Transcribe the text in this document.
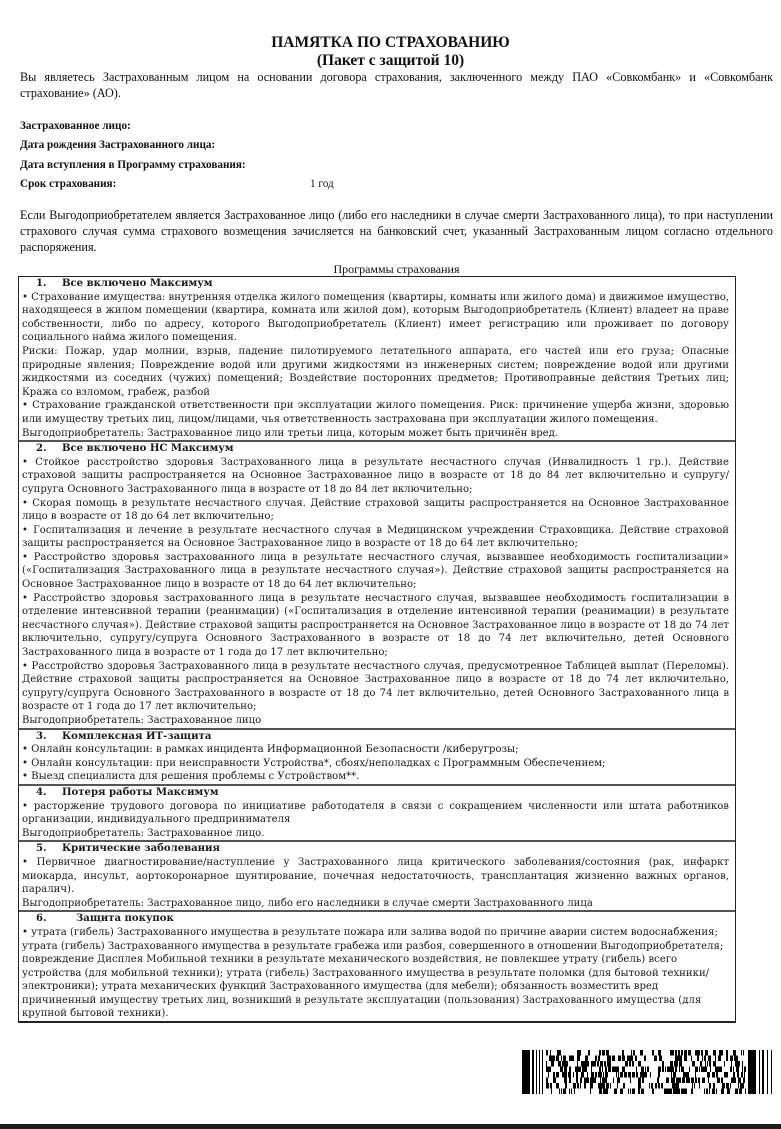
ПАМЯТКА ПО СТРАХОВАНИЮ
(Пакет с защитой 10)
Вы являетесь Застрахованным лицом на основании договора страхования, заключенного между ПАО «Совкомбанк» и «Совкомбанк страхование» (АО).
Застрахованное лицо:
Дата рождения Застрахованного лица:
Дата вступления в Программу страхования:
Срок страхования:	1 год
Если Выгодоприобретателем является Застрахованное лицо (либо его наследники в случае смерти Застрахованного лица), то при наступлении страхового случая сумма страхового возмещения зачисляется на банковский счет, указанный Застрахованным лицом согласно отдельного распоряжения.
Программы страхования
1. Все включено Максимум
• Страхование имущества: внутренняя отделка жилого помещения (квартиры, комнаты или жилого дома) и движимое имущество, находящееся в жилом помещении (квартира, комната или жилой дом), которым Выгодоприобретатель (Клиент) владеет на праве собственности, либо по адресу, которого Выгодоприобретатель (Клиент) имеет регистрацию или проживает по договору социального найма жилого помещения.
Риски: Пожар, удар молнии, взрыв, падение пилотируемого летательного аппарата, его частей или его груза; Опасные природные явления; Повреждение водой или другими жидкостями из инженерных систем; повреждение водой или другими жидкостями из соседних (чужих) помещений; Воздействие посторонних предметов; Противоправные действия Третьих лиц; Кража со взломом, грабеж, разбой
• Страхование гражданской ответственности при эксплуатации жилого помещения. Риск: причинение ущерба жизни, здоровью или имуществу третьих лиц, лицом/лицами, чья ответственность застрахована при эксплуатации жилого помещения.
Выгодоприобретатель: Застрахованное лицо или третьи лица, которым может быть причинён вред.
2. Все включено НС Максимум
• Стойкое расстройство здоровья Застрахованного лица в результате несчастного случая (Инвалидность 1 гр.). Действие страховой защиты распространяется на Основное Застрахованное лицо в возрасте от 18 до 84 лет включительно и супругу/супруга Основного Застрахованного лица в возрасте от 18 до 84 лет включительно;
• Скорая помощь в результате несчастного случая. Действие страховой защиты распространяется на Основное Застрахованное лицо в возрасте от 18 до 64 лет включительно;
• Госпитализация и лечение в результате несчастного случая в Медицинском учреждении Страховщика. Действие страховой защиты распространяется на Основное Застрахованное лицо в возрасте от 18 до 64 лет включительно;
• Расстройство здоровья застрахованного лица в результате несчастного случая, вызвавшее необходимость госпитализации» («Госпитализация Застрахованного лица в результате несчастного случая»). Действие страховой защиты распространяется на Основное Застрахованное лицо в возрасте от 18 до 64 лет включительно;
• Расстройство здоровья застрахованного лица в результате несчастного случая, вызвавшее необходимость госпитализации в отделение интенсивной терапии (реанимации) («Госпитализация в отделение интенсивной терапии (реанимации) в результате несчастного случая»). Действие страховой защиты распространяется на Основное Застрахованное лицо в возрасте от 18 до 74 лет включительно, супругу/супруга Основного Застрахованного в возрасте от 18 до 74 лет включительно, детей Основного Застрахованного лица в возрасте от 1 года до 17 лет включительно;
• Расстройство здоровья Застрахованного лица в результате несчастного случая, предусмотренное Таблицей выплат (Переломы). Действие страховой защиты распространяется на Основное Застрахованное лицо в возрасте от 18 до 74 лет включительно, супругу/супруга Основного Застрахованного в возрасте от 18 до 74 лет включительно, детей Основного Застрахованного лица в возрасте от 1 года до 17 лет включительно;
Выгодоприобретатель: Застрахованное лицо
3. Комплексная ИТ-защита
• Онлайн консультации: в рамках инцидента Информационной Безопасности /киберугрозы;
• Онлайн консультации: при неисправности Устройства*, сбоях/неполадках с Программным Обеспечением;
• Выезд специалиста для решения проблемы с Устройством**.
4. Потеря работы Максимум
• расторжение трудового договора по инициативе работодателя в связи с сокращением численности или штата работников организации, индивидуального предпринимателя
Выгодоприобретатель: Застрахованное лицо.
5. Критические заболевания
• Первичное диагностирование/наступление у Застрахованного лица критического заболевания/состояния (рак, инфаркт миокарда, инсульт, аортокоронарное шунтирование, почечная недостаточность, трансплантация жизненно важных органов, паралич).
Выгодоприобретатель: Застрахованное лицо, либо его наследники в случае смерти Застрахованного лица
6.	Защита покупок
• утрата (гибель) Застрахованного имущества в результате пожара или залива водой по причине аварии систем водоснабжения; утрата (гибель) Застрахованного имущества в результате грабежа или разбоя, совершенного в отношении Выгодоприобретателя; повреждение Дисплея Мобильной техники в результате механического воздействия, не повлекшее утрату (гибель) всего устройства (для мобильной техники); утрата (гибель) Застрахованного имущества в результате поломки (для бытовой техники/электроники); утрата механических функций Застрахованного имущества (для мебели); обязанность возместить вред причиненный имуществу третьих лиц, возникший в результате эксплуатации (пользования) Застрахованного имущества (для крупной бытовой техники).
